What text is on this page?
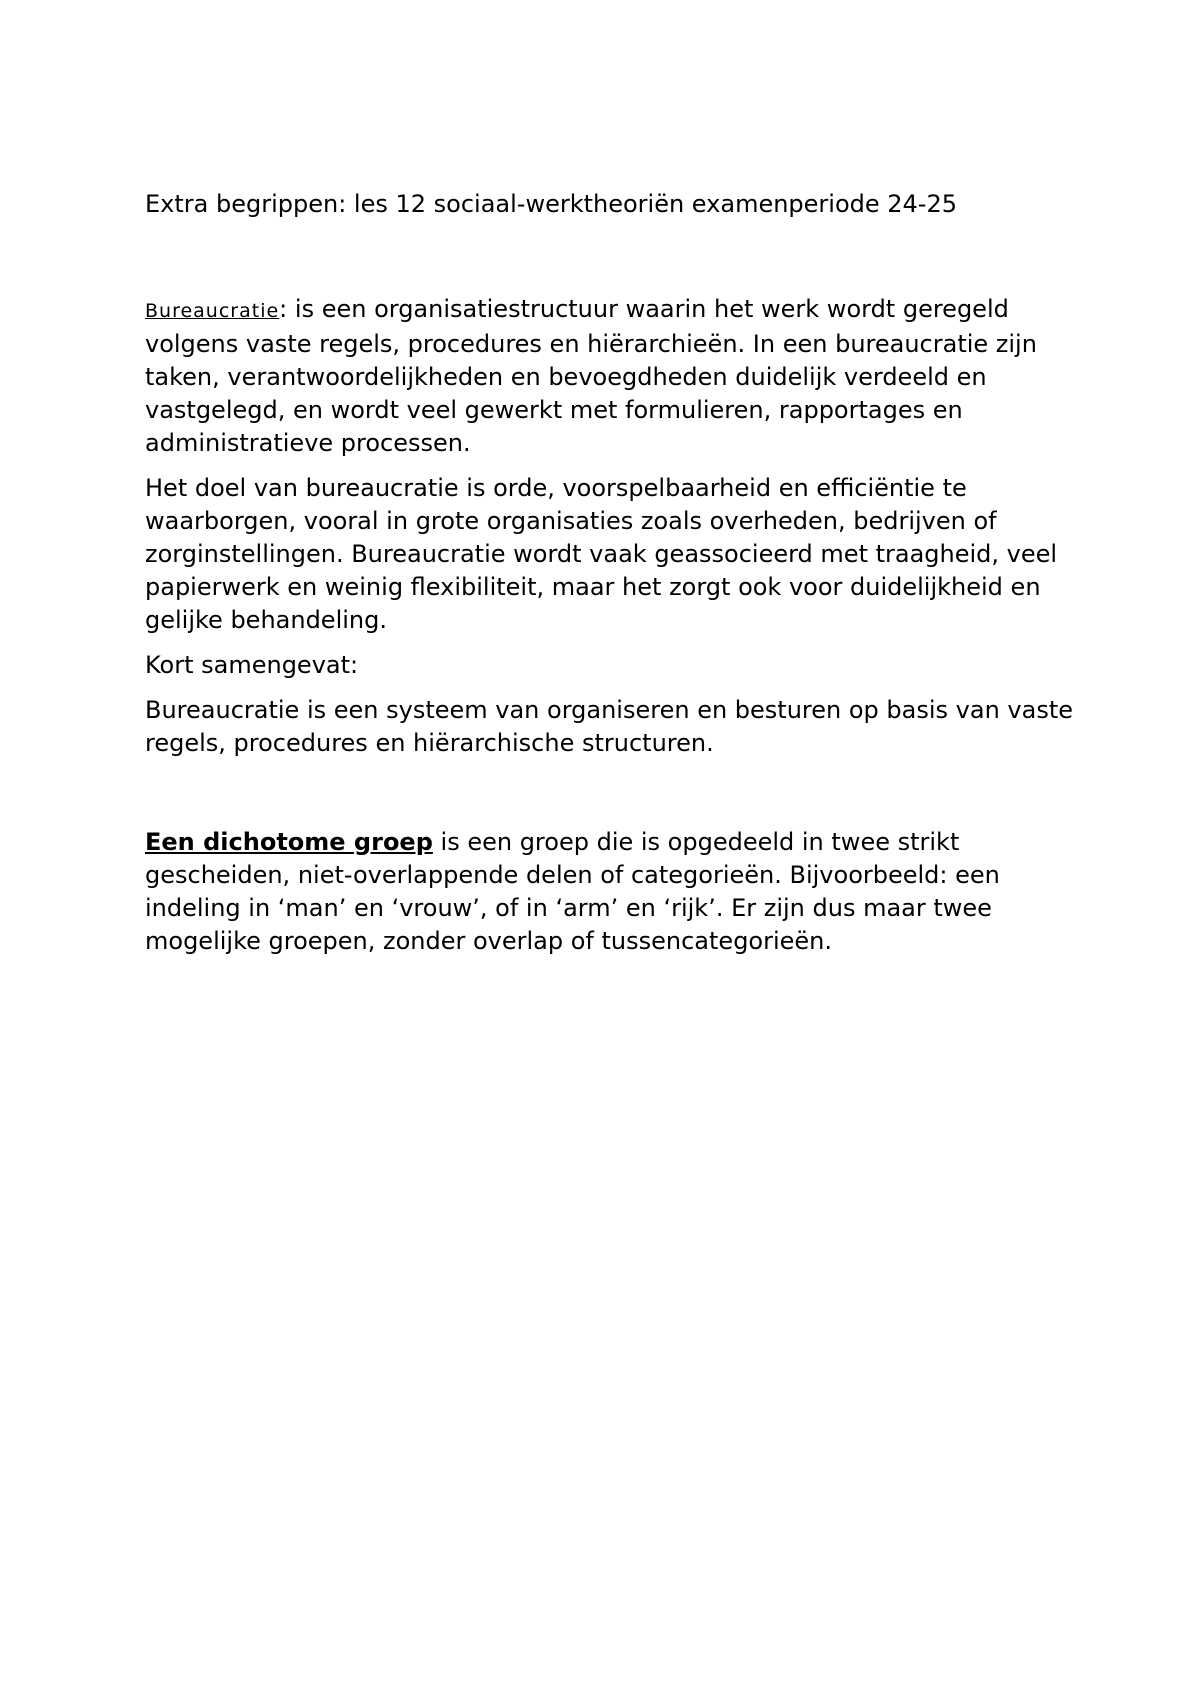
Extra begrippen: les 12 sociaal-werktheoriën examenperiode 24-25

Bureaucratie: is een organisatiestructuur waarin het werk wordt geregeld volgens vaste regels, procedures en hiërarchieën. In een bureaucratie zijn taken, verantwoordelijkheden en bevoegdheden duidelijk verdeeld en vastgelegd, en wordt veel gewerkt met formulieren, rapportages en administratieve processen.

Het doel van bureaucratie is orde, voorspelbaarheid en efficiëntie te waarborgen, vooral in grote organisaties zoals overheden, bedrijven of zorginstellingen. Bureaucratie wordt vaak geassocieerd met traagheid, veel papierwerk en weinig flexibiliteit, maar het zorgt ook voor duidelijkheid en gelijke behandeling.

Kort samengevat:

Bureaucratie is een systeem van organiseren en besturen op basis van vaste regels, procedures en hiërarchische structuren.

Een dichotome groep is een groep die is opgedeeld in twee strikt gescheiden, niet-overlappende delen of categorieën. Bijvoorbeeld: een indeling in ‘man’ en ‘vrouw’, of in ‘arm’ en ‘rijk’. Er zijn dus maar twee mogelijke groepen, zonder overlap of tussencategorieën.
